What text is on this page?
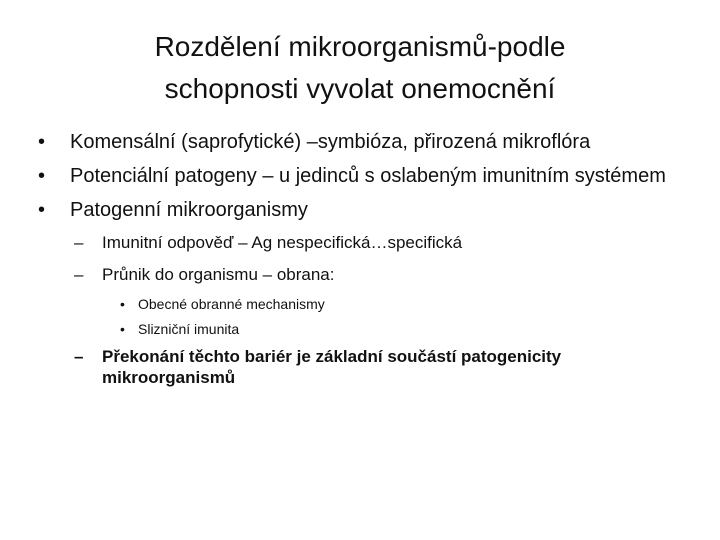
Rozdělení mikroorganismů-podle
schopnosti vyvolat onemocnění
• Komensální (saprofytické) –symbióza, přirozená mikroflóra
• Potenciální patogeny – u jedinců s oslabeným imunitním systémem
• Patogenní mikroorganismy
– Imunitní odpověď – Ag nespecifická…specifická
– Průnik do organismu – obrana:
• Obecné obranné mechanismy
• Slizniční imunita
– Překonání těchto bariér je základní součástí patogenicity mikroorganismů
